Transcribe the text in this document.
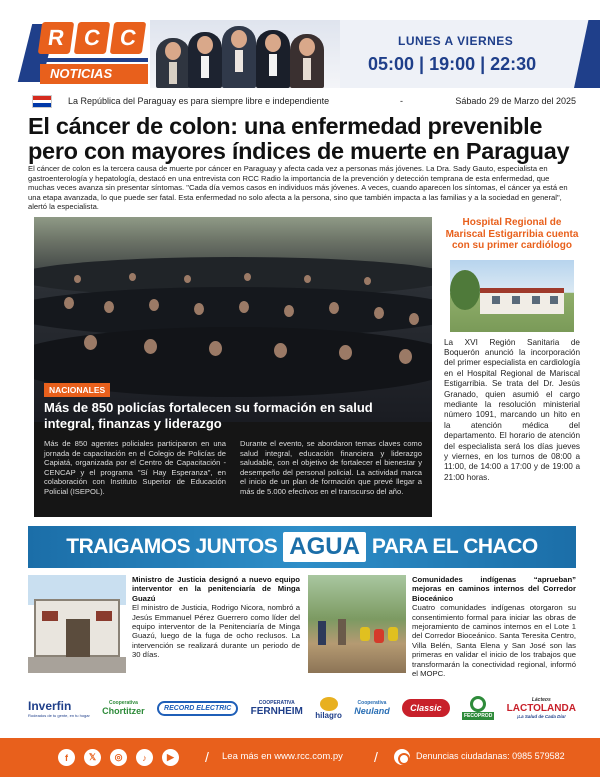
R C C
NOTICIAS
LUNES A VIERNES
05:00 | 19:00 | 22:30
La República del Paraguay es para siempre libre e independiente	-	Sábado 29 de Marzo del 2025
El cáncer de colon: una enfermedad prevenible pero con mayores índices de muerte en Paraguay
El cáncer de colon es la tercera causa de muerte por cáncer en Paraguay y afecta cada vez a personas más jóvenes. La Dra. Sady Gauto, especialista en gastroenterología y hepatología, destacó en una entrevista con RCC Radio la importancia de la prevención y detección temprana de esta enfermedad, que muchas veces avanza sin presentar síntomas. "Cada día vemos casos en individuos más jóvenes. A veces, cuando aparecen los síntomas, el cáncer ya está en una etapa avanzada, lo que puede ser fatal. Esta enfermedad no solo afecta a la persona, sino que también impacta a las familias y a la sociedad en general", alertó la especialista.
NACIONALES
Más de 850 policías fortalecen su formación en salud integral, finanzas y liderazgo
Más de 850 agentes policiales participaron en una jornada de capacitación en el Colegio de Policías de Capiatá, organizada por el Centro de Capacitación - CENCAP y el programa "Sí Hay Esperanza", en colaboración con Instituto Superior de Educación Policial (ISEPOL).
Durante el evento, se abordaron temas claves como salud integral, educación financiera y liderazgo saludable, con el objetivo de fortalecer el bienestar y desempeño del personal policial. La actividad marca el inicio de un plan de formación que prevé llegar a más de 5.000 efectivos en el transcurso del año.
Hospital Regional de Mariscal Estigarribia cuenta con su primer cardiólogo
La XVI Región Sanitaria de Boquerón anunció la incorporación del primer especialista en cardiología en el Hospital Regional de Mariscal Estigarribia. Se trata del Dr. Jesús Granado, quien asumió el cargo mediante la resolución ministerial número 1091, marcando un hito en la atención médica del departamento. El horario de atención del especialista será los días jueves y viernes, en los turnos de 08:00 a 11:00, de 14:00 a 17:00 y de 19:00 a 21:00 horas.
TRAIGAMOS JUNTOS AGUA PARA EL CHACO
Ministro de Justicia designó a nuevo equipo interventor en la penitenciaría de Minga Guazú
El ministro de Justicia, Rodrigo Nicora, nombró a Jesús Emmanuel Pérez Guerrero como líder del equipo interventor de la Penitenciaría de Minga Guazú, luego de la fuga de ocho reclusos. La intervención se realizará durante un periodo de 30 días.
Comunidades indígenas “aprueban” mejoras en caminos internos del Corredor Bioceánico
Cuatro comunidades indígenas otorgaron su consentimiento formal para iniciar las obras de mejoramiento de caminos internos en el Lote 1 del Corredor Bioceánico. Santa Teresita Centro, Villa Belén, Santa Elena y San José son las primeras en validar el inicio de los trabajos que transformarán la conectividad regional, informó el MOPC.
Inverfin
Rodeados de tu gente, en tu hogar
Cooperativa
Chortitzer	RECORD ELECTRIC
COOPERATIVA
FERNHEIM hilagro
Cooperativa
Neuland Classic
FECOPROD
Lácteos
LACTOLANDA
¡La Salud de Cada Día!
f	𝕏	◎	♪	▶	/ Lea más en www.rcc.com.py /	Denuncias ciudadanas: 0985 579582
